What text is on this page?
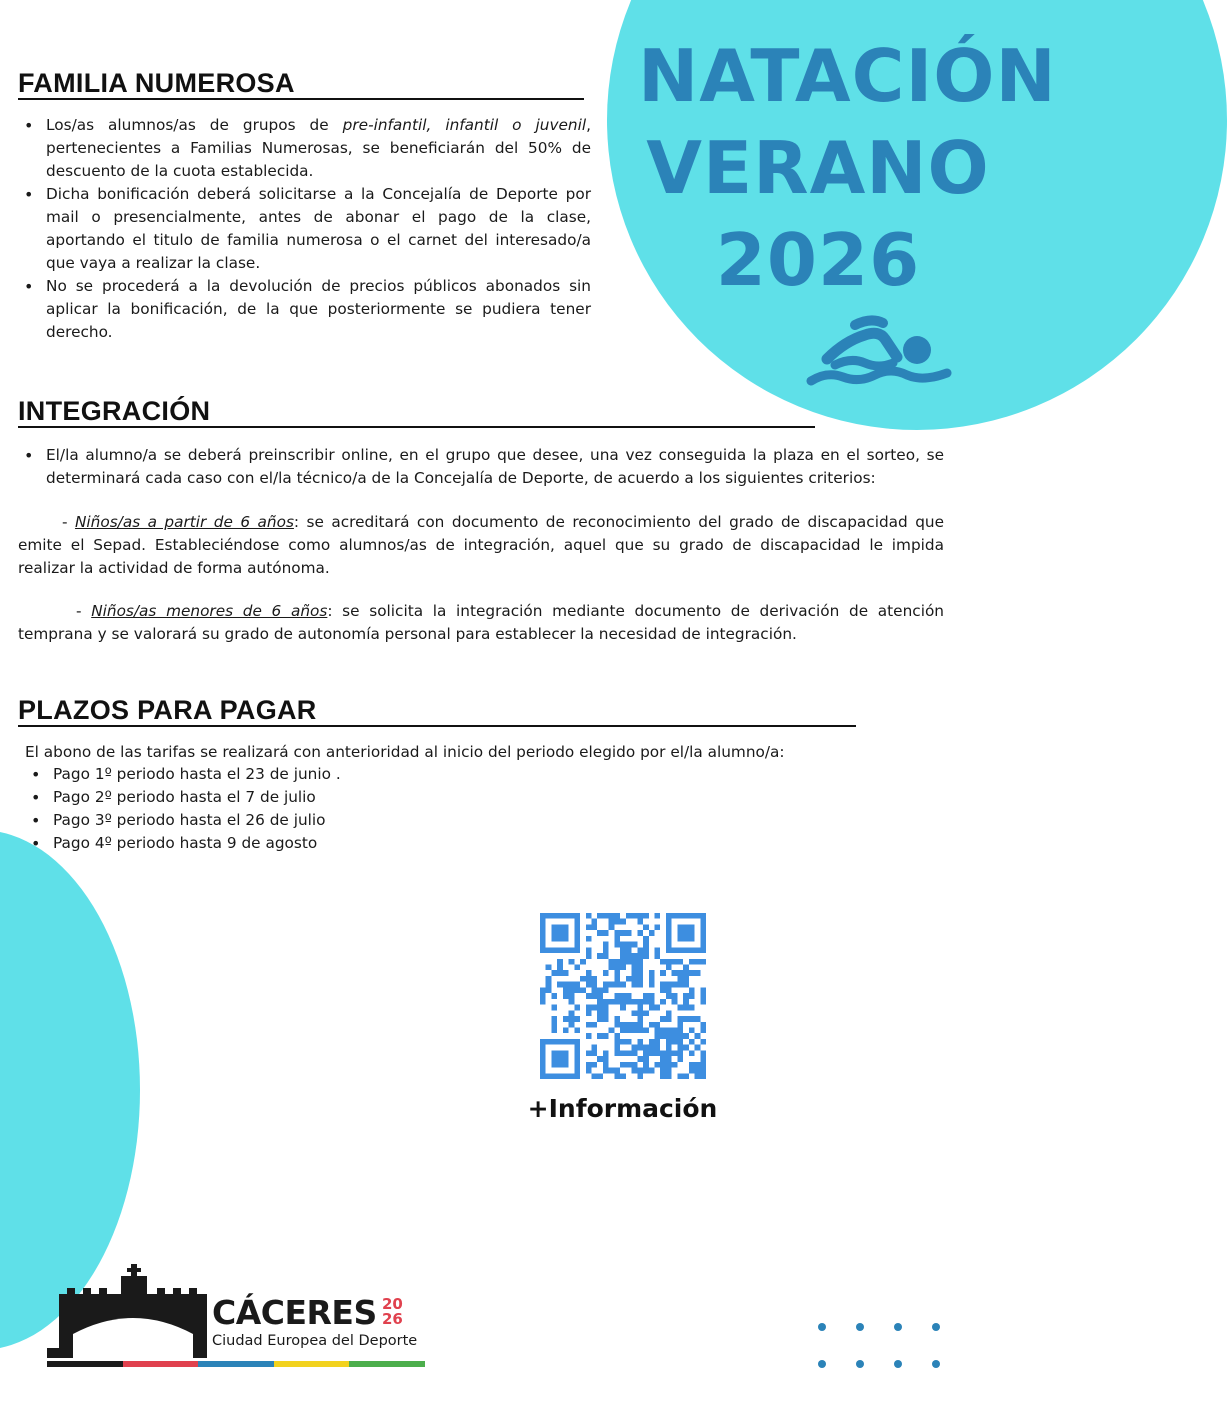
NATACIÓN
VERANO
2026
FAMILIA NUMEROSA
• Los/as alumnos/as de grupos de pre-infantil, infantil o juvenil, pertenecientes a Familias Numerosas, se beneficiarán del 50% de descuento de la cuota establecida.
• Dicha bonificación deberá solicitarse a la Concejalía de Deporte por mail o presencialmente, antes de abonar el pago de la clase, aportando el titulo de familia numerosa o el carnet del interesado/a que vaya a realizar la clase.
• No se procederá a la devolución de precios públicos abonados sin aplicar la bonificación, de la que posteriormente se pudiera tener derecho.
INTEGRACIÓN
• El/la alumno/a se deberá preinscribir online, en el grupo que desee, una vez conseguida la plaza en el sorteo, se determinará cada caso con el/la técnico/a de la Concejalía de Deporte, de acuerdo a los siguientes criterios:
- Niños/as a partir de 6 años: se acreditará con documento de reconocimiento del grado de discapacidad que emite el Sepad. Estableciéndose como alumnos/as de integración, aquel que su grado de discapacidad le impida realizar la actividad de forma autónoma.
- Niños/as menores de 6 años: se solicita la integración mediante documento de derivación de atención temprana y se valorará su grado de autonomía personal para establecer la necesidad de integración.
PLAZOS PARA PAGAR
El abono de las tarifas se realizará con anterioridad al inicio del periodo elegido por el/la alumno/a:
• Pago 1º periodo hasta el 23 de junio .
• Pago 2º periodo hasta el 7 de julio
• Pago 3º periodo hasta el 26 de julio
• Pago 4º periodo hasta 9 de agosto
+Información
CÁCERES 20
26
Ciudad Europea del Deporte
